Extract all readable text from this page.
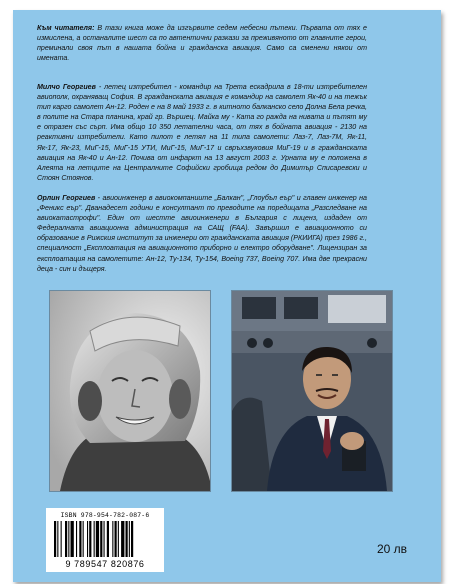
Към читателя: В тази книга може да изгървите седем небесни пътеки. Първата от тях е измислена, а останалите шест са по автентични разкази за преживяното от главните герои, преминали своя път в нашата бойна и гражданска авиация. Само са сменени някои от имената.
Милчо Георгиев - летец изтребител - командир на Трета ескадрила в 18-ти изтребителен авиополк, охраняващ София. В гражданската авиация е командир на самолет Як-40 и на тежък тип карго самолет Ан-12. Роден е на 8 май 1933 г. в китното балканско село Долна Бела речка, в полите на Стара планина, край гр. Вършец. Майка му - Ката го ражда на нивата и пътят му е отразен със сърп. Има общо 10 350 летателни часа, от тях в бойната авиация - 2130 на реактивни изтребители. Като пилот е летял на 11 типа самолети: Лаз-7, Лаз-7М, Як-11, Як-17, Як-23, МиГ-15, МиГ-15 УТИ, МиГ-15, МиГ-17 и свръхзвуковия МиГ-19 и в гражданската авиация на Як-40 и Ан-12. Почива от инфаркт на 13 август 2003 г. Урната му е положена в Алеята на летците на Централните Софийски гробища редом до Димитър Списаревски и Стоян Стоянов.
Орлин Георгиев - авиоинженер в авиокомпаниите „Балкан", „Глоубъл еър" и главен инженер на „Феникс еър". Дванадесет години е консултант по преводите на поредицата „Разследване на авиокатастрофи". Един от шестте авиоинженери в България с лиценз, издаден от Федералната авиационна администрация на САЩ (FAA). Завършил е авиационното си образование в Рижския институт за инженери от гражданската авиация (РКИИГА) през 1986 г., специалност „Експлоатация на авиационното приборно и електро оборудване". Лицензиран за експлоатация на самолетите: Ан-12, Ту-134, Ту-154, Boeing 737, Boeing 707. Има две прекрасни деца - син и дъщеря.
ISBN 978-954-782-087-6
9 789547 820876
20 лв
